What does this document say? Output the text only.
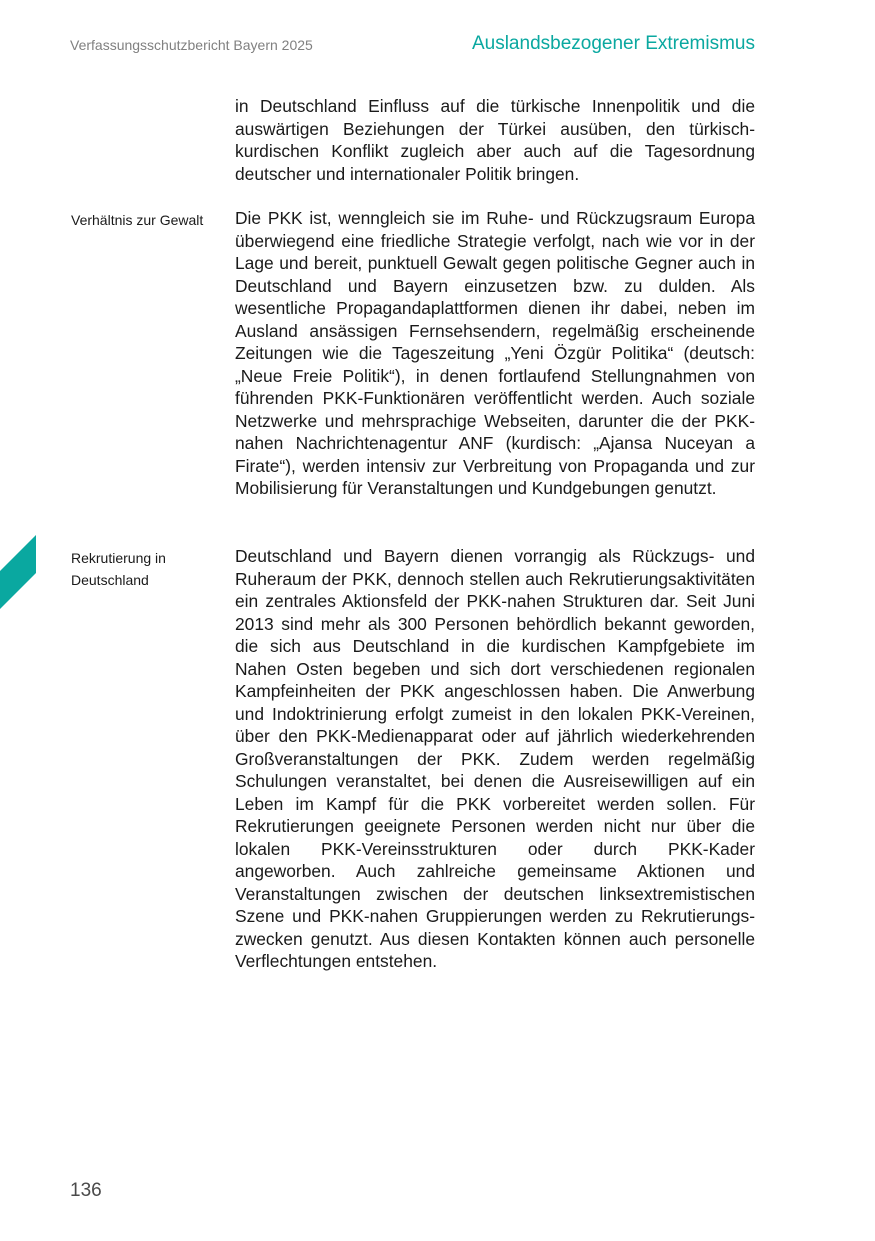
Verfassungsschutzbericht Bayern 2025	Auslandsbezogener Extremismus

in Deutschland Einfluss auf die türkische Innenpolitik und die auswärtigen Beziehungen der Türkei ausüben, den türkisch-kurdischen Konflikt zugleich aber auch auf die Tagesordnung deutscher und internationaler Politik bringen.

Verhältnis zur Gewalt	Die PKK ist, wenngleich sie im Ruhe- und Rückzugsraum Europa überwiegend eine friedliche Strategie verfolgt, nach wie vor in der Lage und bereit, punktuell Gewalt gegen politische Gegner auch in Deutschland und Bayern einzusetzen bzw. zu dulden. Als wesentliche Propagandaplattformen dienen ihr dabei, neben im Ausland ansässigen Fernsehsendern, regelmäßig erscheinende Zeitungen wie die Tageszeitung „Yeni Özgür Politika“ (deutsch: „Neue Freie Politik“), in denen fortlaufend Stellungnahmen von führenden PKK-Funktionären veröffentlicht werden. Auch soziale Netzwerke und mehrsprachige Webseiten, darunter die der PKK-nahen Nachrichtenagentur ANF (kurdisch: „Ajansa Nuceyan a Firate“), werden intensiv zur Verbreitung von Propaganda und zur Mobilisierung für Veranstaltungen und Kundgebungen genutzt.

Rekrutierung in
Deutschland

Deutschland und Bayern dienen vorrangig als Rückzugs- und Ruheraum der PKK, dennoch stellen auch Rekrutierungsaktivitäten ein zentrales Aktionsfeld der PKK-nahen Strukturen dar. Seit Juni 2013 sind mehr als 300 Personen behördlich bekannt geworden, die sich aus Deutschland in die kurdischen Kampfgebiete im Nahen Osten begeben und sich dort verschiedenen regionalen Kampfeinheiten der PKK angeschlossen haben. Die Anwerbung und Indoktrinierung erfolgt zumeist in den lokalen PKK-Vereinen, über den PKK-Medienapparat oder auf jährlich wiederkehrenden Großveranstaltungen der PKK. Zudem werden regelmäßig Schulungen veranstaltet, bei denen die Ausreisewilligen auf ein Leben im Kampf für die PKK vorbereitet werden sollen. Für Rekrutierungen geeignete Personen werden nicht nur über die lokalen PKK-Vereinsstrukturen oder durch PKK-Kader angeworben. Auch zahlreiche gemeinsame Aktionen und Veranstaltungen zwischen der deutschen linksextremistischen Szene und PKK-nahen Gruppierungen werden zu Rekrutierungszwecken genutzt. Aus diesen Kontakten können auch personelle Verflechtungen entstehen.

136
